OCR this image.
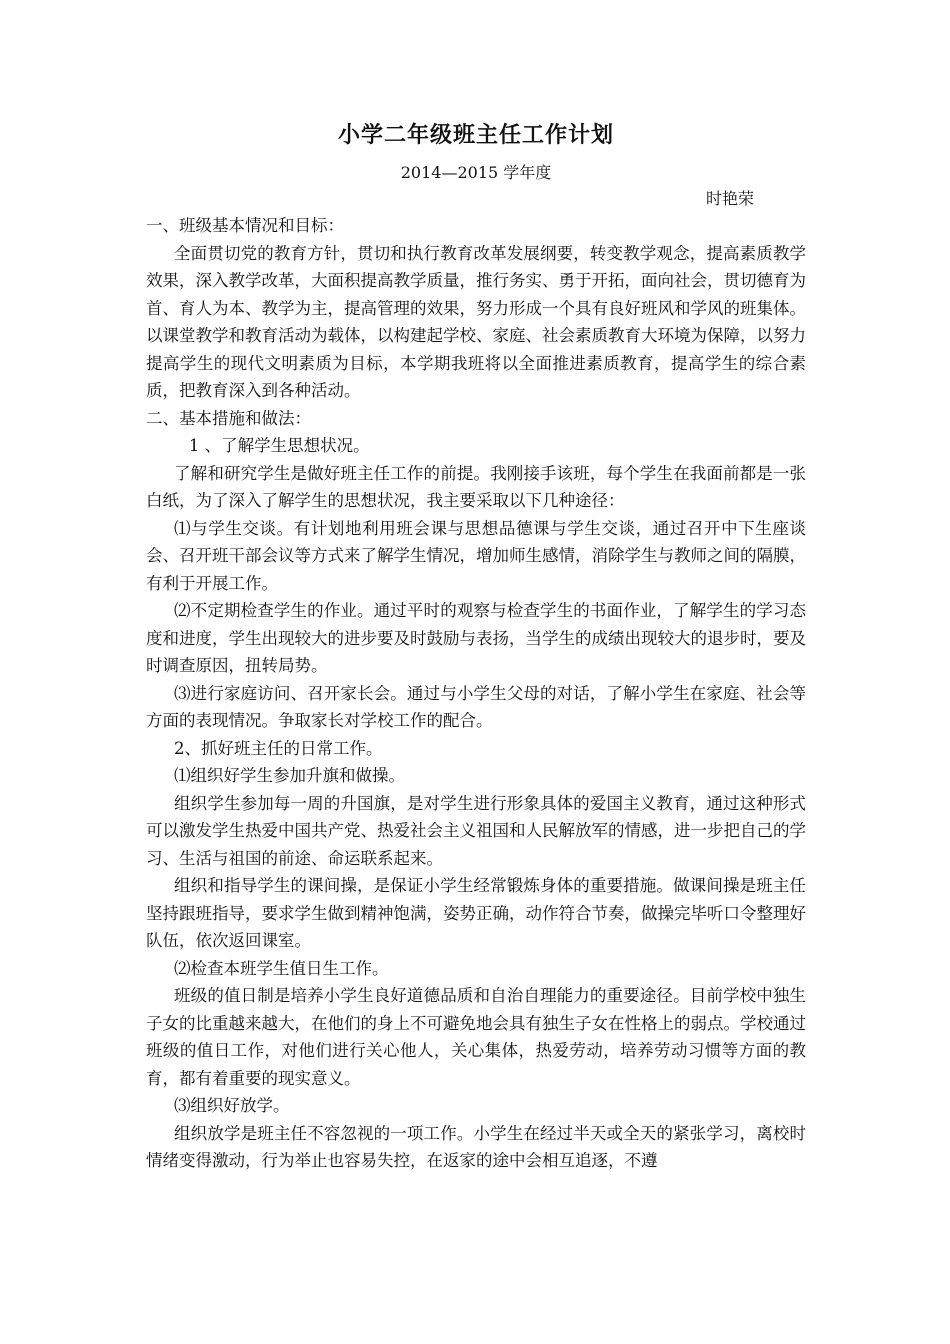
小学二年级班主任工作计划

2014—2015 学年度

时艳荣

一、班级基本情况和目标：

全面贯切党的教育方针，贯切和执行教育改革发展纲要，转变教学观念，提高素质教学效果，深入教学改革，大面积提高教学质量，推行务实、勇于开拓，面向社会，贯切德育为首、育人为本、教学为主，提高管理的效果，努力形成一个具有良好班风和学风的班集体。以课堂教学和教育活动为载体，以构建起学校、家庭、社会素质教育大环境为保障，以努力提高学生的现代文明素质为目标，本学期我班将以全面推进素质教育，提高学生的综合素质，把教育深入到各种活动。

二、基本措施和做法：

1 、了解学生思想状况。

了解和研究学生是做好班主任工作的前提。我刚接手该班，每个学生在我面前都是一张白纸，为了深入了解学生的思想状况，我主要采取以下几种途径：

⑴与学生交谈。有计划地利用班会课与思想品德课与学生交谈，通过召开中下生座谈会、召开班干部会议等方式来了解学生情况，增加师生感情，消除学生与教师之间的隔膜，有利于开展工作。

⑵不定期检查学生的作业。通过平时的观察与检查学生的书面作业，了解学生的学习态度和进度，学生出现较大的进步要及时鼓励与表扬，当学生的成绩出现较大的退步时，要及时调查原因，扭转局势。

⑶进行家庭访问、召开家长会。通过与小学生父母的对话，了解小学生在家庭、社会等方面的表现情况。争取家长对学校工作的配合。

2、抓好班主任的日常工作。

⑴组织好学生参加升旗和做操。

组织学生参加每一周的升国旗，是对学生进行形象具体的爱国主义教育，通过这种形式可以激发学生热爱中国共产党、热爱社会主义祖国和人民解放军的情感，进一步把自己的学习、生活与祖国的前途、命运联系起来。

组织和指导学生的课间操，是保证小学生经常锻炼身体的重要措施。做课间操是班主任坚持跟班指导，要求学生做到精神饱满，姿势正确，动作符合节奏，做操完毕听口令整理好队伍，依次返回课室。

⑵检查本班学生值日生工作。

班级的值日制是培养小学生良好道德品质和自治自理能力的重要途径。目前学校中独生子女的比重越来越大，在他们的身上不可避免地会具有独生子女在性格上的弱点。学校通过班级的值日工作，对他们进行关心他人，关心集体，热爱劳动，培养劳动习惯等方面的教育，都有着重要的现实意义。

⑶组织好放学。

组织放学是班主任不容忽视的一项工作。小学生在经过半天或全天的紧张学习，离校时情绪变得激动，行为举止也容易失控，在返家的途中会相互追逐，不遵
